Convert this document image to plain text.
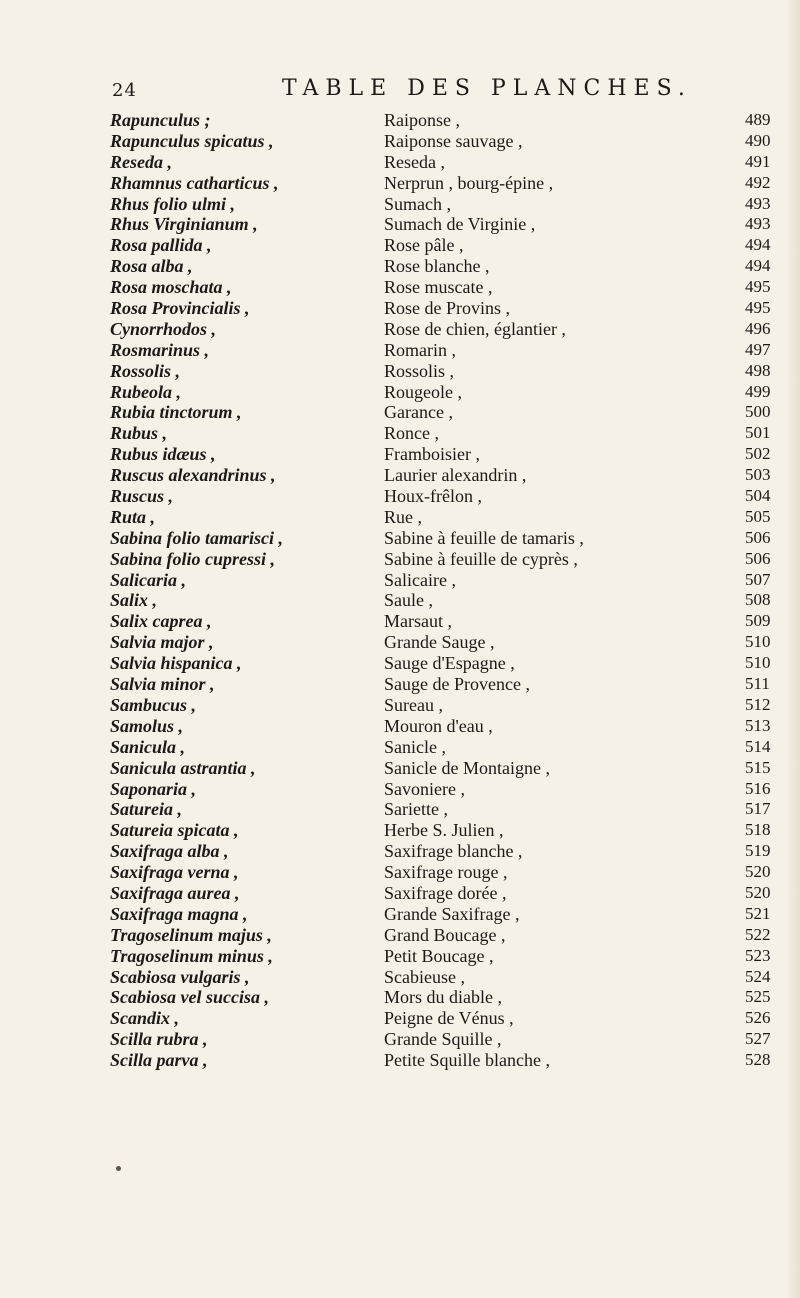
24	TABLE DES PLANCHES.
Rapunculus ;	Raiponse ,	489
Rapunculus spicatus ,	Raiponse sauvage ,	490
Reseda ,	Reseda ,	491
Rhamnus catharticus ,	Nerprun , bourg-épine ,	492
Rhus folio ulmi ,	Sumach ,	493
Rhus Virginianum ,	Sumach de Virginie ,	493
Rosa pallida ,	Rose pâle ,	494
Rosa alba ,	Rose blanche ,	494
Rosa moschata ,	Rose muscate ,	495
Rosa Provincialis ,	Rose de Provins ,	495
Cynorrhodos ,	Rose de chien, églantier ,	496
Rosmarinus ,	Romarin ,	497
Rossolis ,	Rossolis ,	498
Rubeola ,	Rougeole ,	499
Rubia tinctorum ,	Garance ,	500
Rubus ,	Ronce ,	501
Rubus idæus ,	Framboisier ,	502
Ruscus alexandrinus ,	Laurier alexandrin ,	503
Ruscus ,	Houx-frêlon ,	504
Ruta ,	Rue ,	505
Sabina folio tamarisci ,	Sabine à feuille de tamaris ,	506
Sabina folio cupressi ,	Sabine à feuille de cyprès ,	506
Salicaria ,	Salicaire ,	507
Salix ,	Saule ,	508
Salix caprea ,	Marsaut ,	509
Salvia major ,	Grande Sauge ,	510
Salvia hispanica ,	Sauge d'Espagne ,	510
Salvia minor ,	Sauge de Provence ,	511
Sambucus ,	Sureau ,	512
Samolus ,	Mouron d'eau ,	513
Sanicula ,	Sanicle ,	514
Sanicula astrantia ,	Sanicle de Montaigne ,	515
Saponaria ,	Savoniere ,	516
Satureia ,	Sariette ,	517
Satureia spicata ,	Herbe S. Julien ,	518
Saxifraga alba ,	Saxifrage blanche ,	519
Saxifraga verna ,	Saxifrage rouge ,	520
Saxifraga aurea ,	Saxifrage dorée ,	520
Saxifraga magna ,	Grande Saxifrage ,	521
Tragoselinum majus ,	Grand Boucage ,	522
Tragoselinum minus ,	Petit Boucage ,	523
Scabiosa vulgaris ,	Scabieuse ,	524
Scabiosa vel succisa ,	Mors du diable ,	525
Scandix ,	Peigne de Vénus ,	526
Scilla rubra ,	Grande Squille ,	527
Scilla parva ,	Petite Squille blanche ,	528
